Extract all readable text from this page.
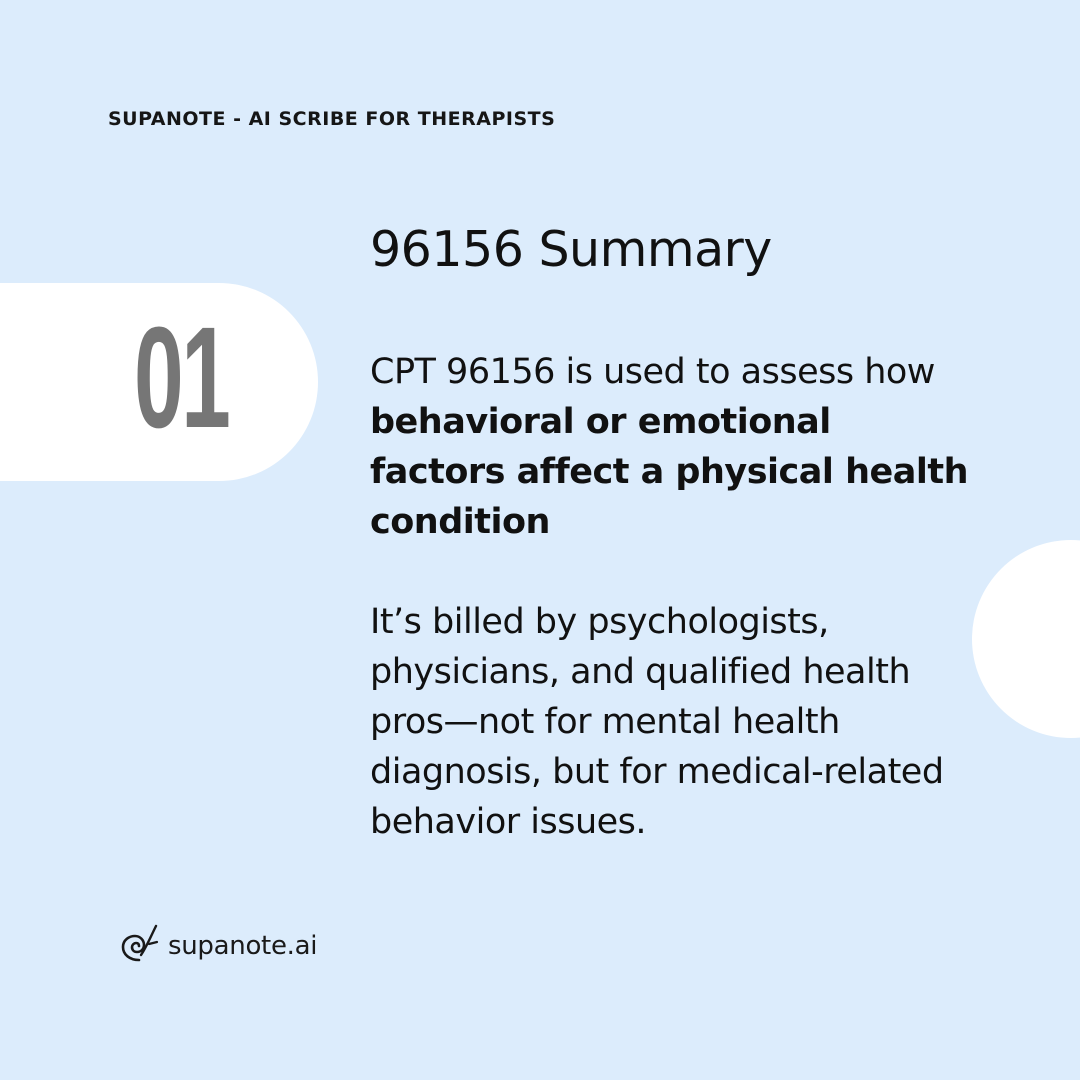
SUPANOTE - AI SCRIBE FOR THERAPISTS
01
96156 Summary

CPT 96156 is used to assess how behavioral or emotional factors affect a physical health condition

It’s billed by psychologists, physicians, and qualified health pros—not for mental health diagnosis, but for medical-related behavior issues.

supanote.ai
